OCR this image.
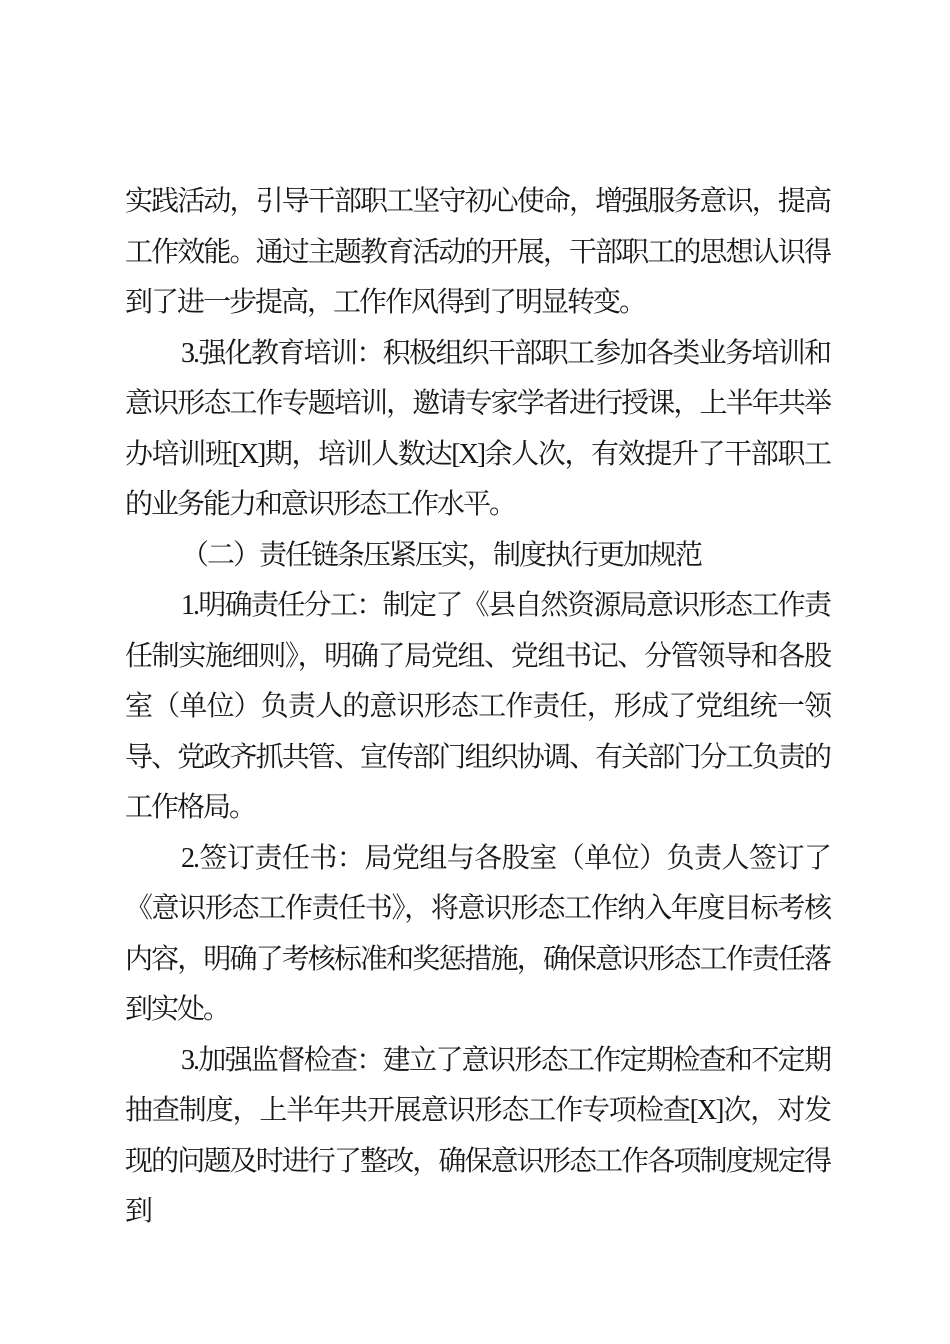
实践活动，引导干部职工坚守初心使命，增强服务意识，提高工作效能。通过主题教育活动的开展，干部职工的思想认识得到了进一步提高，工作作风得到了明显转变。

3.强化教育培训：积极组织干部职工参加各类业务培训和意识形态工作专题培训，邀请专家学者进行授课，上半年共举办培训班[X]期，培训人数达[X]余人次，有效提升了干部职工的业务能力和意识形态工作水平。

（二）责任链条压紧压实，制度执行更加规范

1.明确责任分工：制定了《县自然资源局意识形态工作责任制实施细则》，明确了局党组、党组书记、分管领导和各股室（单位）负责人的意识形态工作责任，形成了党组统一领导、党政齐抓共管、宣传部门组织协调、有关部门分工负责的工作格局。

2.签订责任书：局党组与各股室（单位）负责人签订了《意识形态工作责任书》，将意识形态工作纳入年度目标考核内容，明确了考核标准和奖惩措施，确保意识形态工作责任落到实处。

3.加强监督检查：建立了意识形态工作定期检查和不定期抽查制度，上半年共开展意识形态工作专项检查[X]次，对发现的问题及时进行了整改，确保意识形态工作各项制度规定得到
